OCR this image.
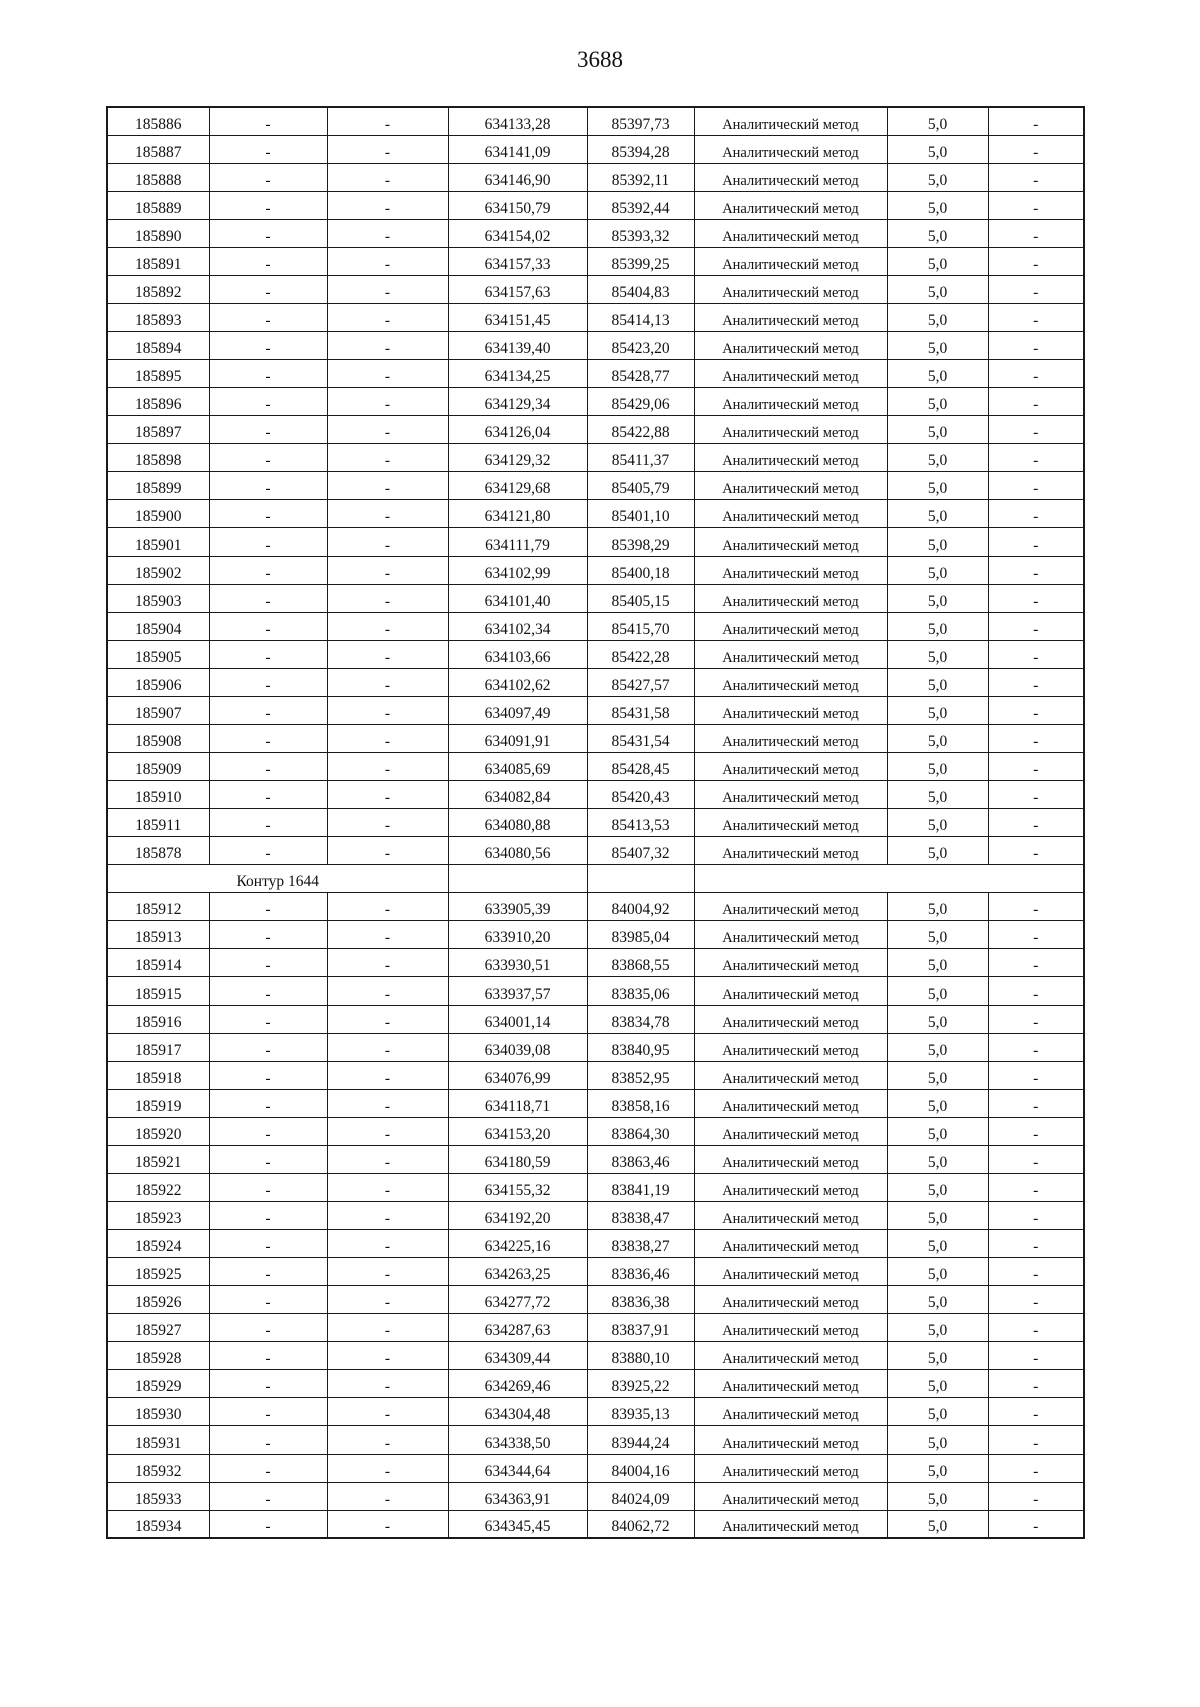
3688
185886	-	-	634133,28	85397,73	Аналитический метод	5,0	-
185887	-	-	634141,09	85394,28	Аналитический метод	5,0	-
185888	-	-	634146,90	85392,11	Аналитический метод	5,0	-
185889	-	-	634150,79	85392,44	Аналитический метод	5,0	-
185890	-	-	634154,02	85393,32	Аналитический метод	5,0	-
185891	-	-	634157,33	85399,25	Аналитический метод	5,0	-
185892	-	-	634157,63	85404,83	Аналитический метод	5,0	-
185893	-	-	634151,45	85414,13	Аналитический метод	5,0	-
185894	-	-	634139,40	85423,20	Аналитический метод	5,0	-
185895	-	-	634134,25	85428,77	Аналитический метод	5,0	-
185896	-	-	634129,34	85429,06	Аналитический метод	5,0	-
185897	-	-	634126,04	85422,88	Аналитический метод	5,0	-
185898	-	-	634129,32	85411,37	Аналитический метод	5,0	-
185899	-	-	634129,68	85405,79	Аналитический метод	5,0	-
185900	-	-	634121,80	85401,10	Аналитический метод	5,0	-
185901	-	-	634111,79	85398,29	Аналитический метод	5,0	-
185902	-	-	634102,99	85400,18	Аналитический метод	5,0	-
185903	-	-	634101,40	85405,15	Аналитический метод	5,0	-
185904	-	-	634102,34	85415,70	Аналитический метод	5,0	-
185905	-	-	634103,66	85422,28	Аналитический метод	5,0	-
185906	-	-	634102,62	85427,57	Аналитический метод	5,0	-
185907	-	-	634097,49	85431,58	Аналитический метод	5,0	-
185908	-	-	634091,91	85431,54	Аналитический метод	5,0	-
185909	-	-	634085,69	85428,45	Аналитический метод	5,0	-
185910	-	-	634082,84	85420,43	Аналитический метод	5,0	-
185911	-	-	634080,88	85413,53	Аналитический метод	5,0	-
185878	-	-	634080,56	85407,32	Аналитический метод	5,0	-
Контур 1644							
185912	-	-	633905,39	84004,92	Аналитический метод	5,0	-
185913	-	-	633910,20	83985,04	Аналитический метод	5,0	-
185914	-	-	633930,51	83868,55	Аналитический метод	5,0	-
185915	-	-	633937,57	83835,06	Аналитический метод	5,0	-
185916	-	-	634001,14	83834,78	Аналитический метод	5,0	-
185917	-	-	634039,08	83840,95	Аналитический метод	5,0	-
185918	-	-	634076,99	83852,95	Аналитический метод	5,0	-
185919	-	-	634118,71	83858,16	Аналитический метод	5,0	-
185920	-	-	634153,20	83864,30	Аналитический метод	5,0	-
185921	-	-	634180,59	83863,46	Аналитический метод	5,0	-
185922	-	-	634155,32	83841,19	Аналитический метод	5,0	-
185923	-	-	634192,20	83838,47	Аналитический метод	5,0	-
185924	-	-	634225,16	83838,27	Аналитический метод	5,0	-
185925	-	-	634263,25	83836,46	Аналитический метод	5,0	-
185926	-	-	634277,72	83836,38	Аналитический метод	5,0	-
185927	-	-	634287,63	83837,91	Аналитический метод	5,0	-
185928	-	-	634309,44	83880,10	Аналитический метод	5,0	-
185929	-	-	634269,46	83925,22	Аналитический метод	5,0	-
185930	-	-	634304,48	83935,13	Аналитический метод	5,0	-
185931	-	-	634338,50	83944,24	Аналитический метод	5,0	-
185932	-	-	634344,64	84004,16	Аналитический метод	5,0	-
185933	-	-	634363,91	84024,09	Аналитический метод	5,0	-
185934	-	-	634345,45	84062,72	Аналитический метод	5,0	-
